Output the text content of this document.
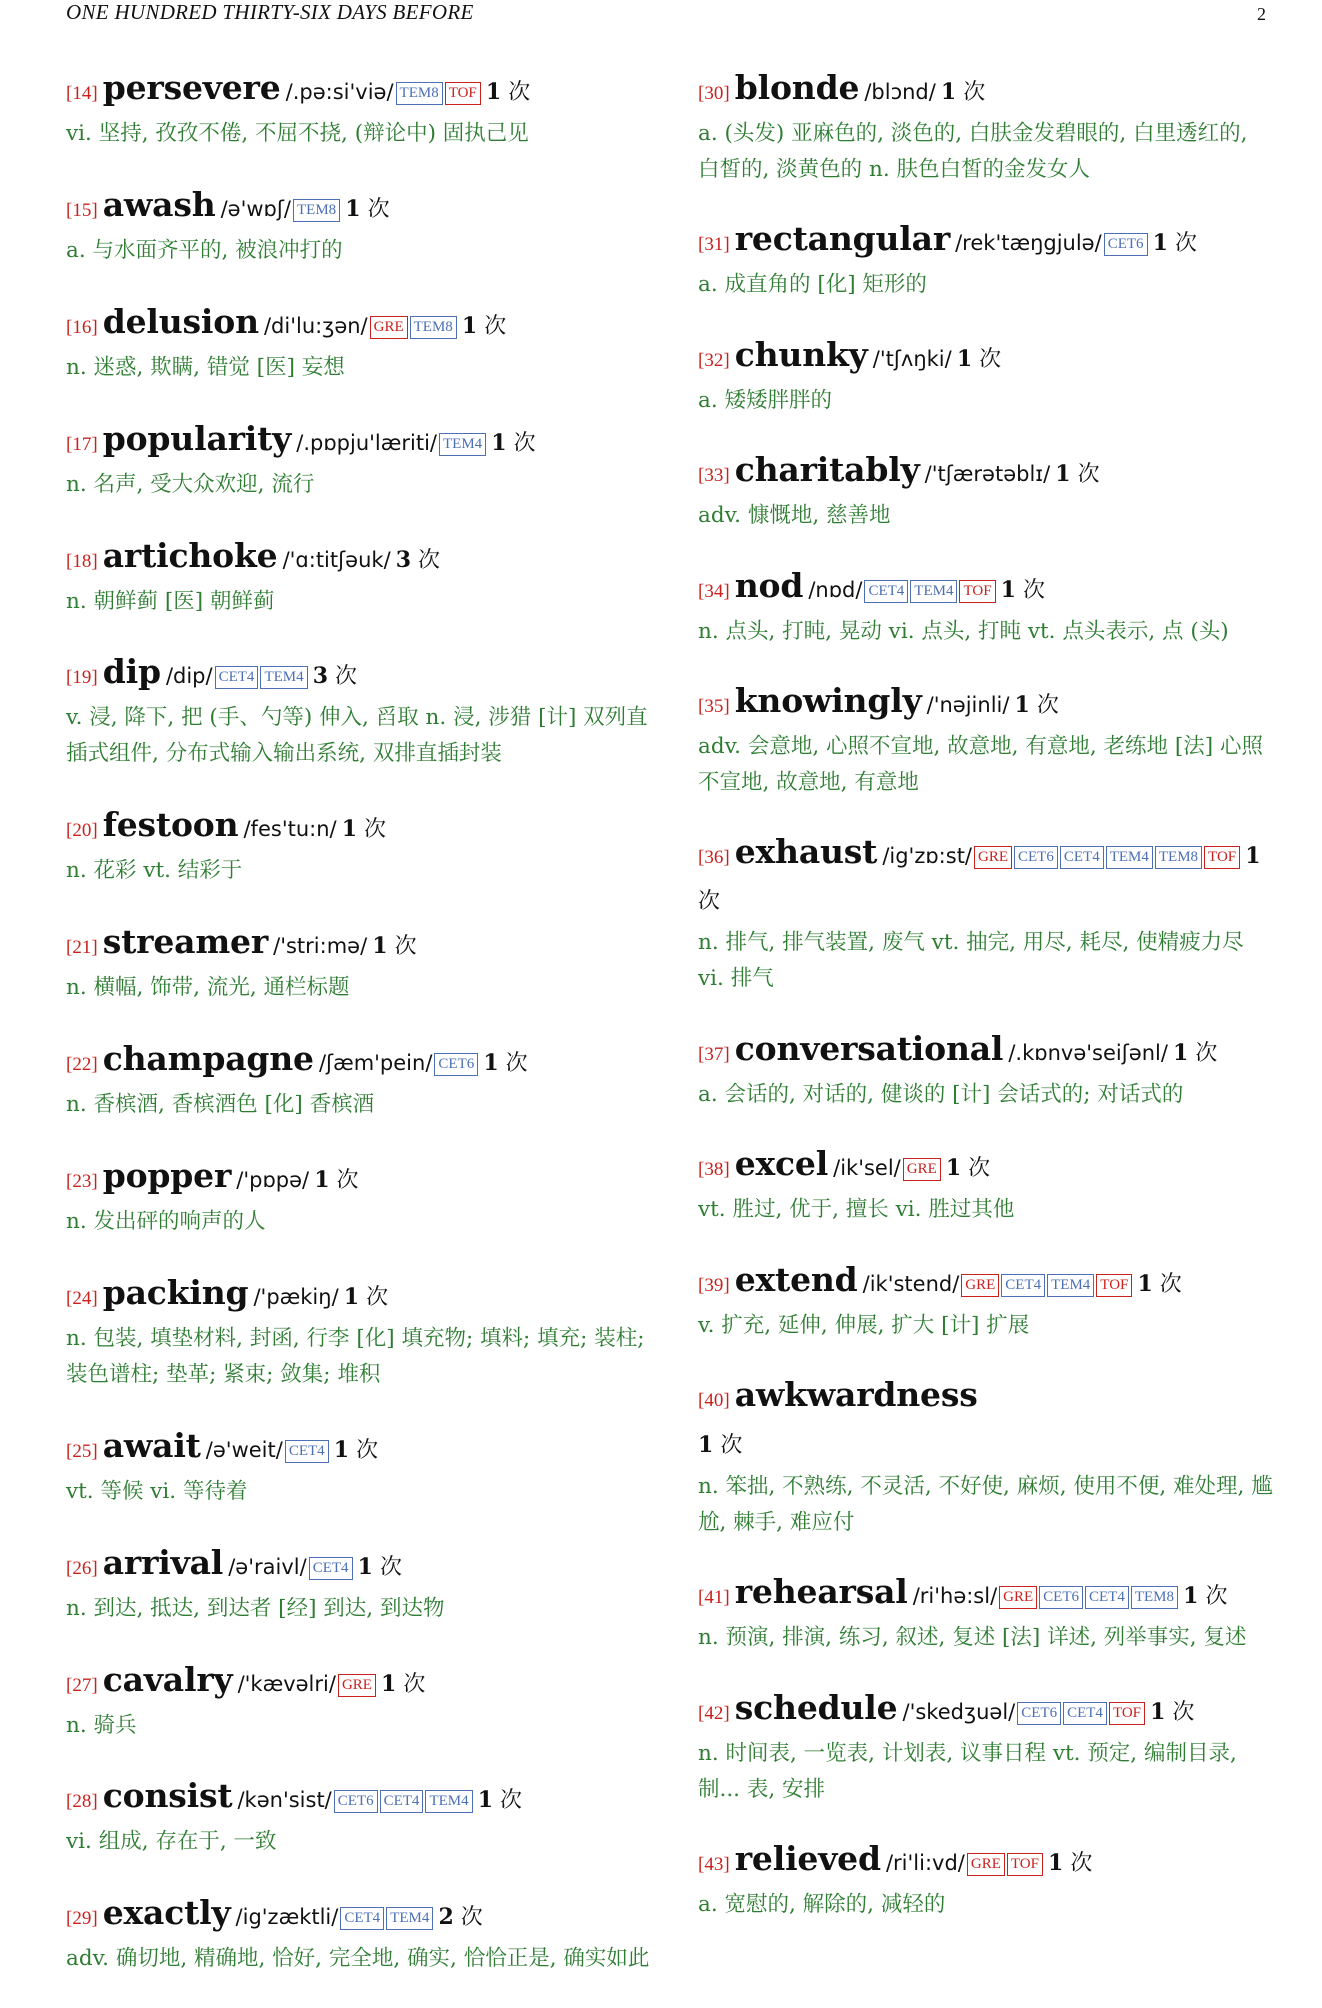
ONE HUNDRED THIRTY-SIX DAYS BEFORE	2
[14] persevere /.pə:si'viə/ TEM8 TOF 1 次
vi. 坚持, 孜孜不倦, 不屈不挠, (辩论中) 固执己见
[15] awash /ə'wɒʃ/ TEM8 1 次
a. 与水面齐平的, 被浪冲打的
[16] delusion /di'lu:ʒən/ GRE TEM8 1 次
n. 迷惑, 欺瞒, 错觉 [医] 妄想
[17] popularity /.pɒpju'læriti/ TEM4 1 次
n. 名声, 受大众欢迎, 流行
[18] artichoke /'ɑ:titʃəuk/ 3 次
n. 朝鲜蓟 [医] 朝鲜蓟
[19] dip /dip/ CET4 TEM4 3 次
v. 浸, 降下, 把 (手、勺等) 伸入, 舀取 n. 浸, 涉猎 [计] 双列直插式组件, 分布式输入输出系统, 双排直插封装
[20] festoon /fes'tu:n/ 1 次
n. 花彩 vt. 结彩于
[21] streamer /'stri:mə/ 1 次
n. 横幅, 饰带, 流光, 通栏标题
[22] champagne /ʃæm'pein/ CET6 1 次
n. 香槟酒, 香槟酒色 [化] 香槟酒
[23] popper /'pɒpə/ 1 次
n. 发出砰的响声的人
[24] packing /'pækiŋ/ 1 次
n. 包装, 填垫材料, 封函, 行李 [化] 填充物; 填料; 填充; 装柱; 装色谱柱; 垫革; 紧束; 敛集; 堆积
[25] await /ə'weit/ CET4 1 次
vt. 等候 vi. 等待着
[26] arrival /ə'raivl/ CET4 1 次
n. 到达, 抵达, 到达者 [经] 到达, 到达物
[27] cavalry /'kævəlri/ GRE 1 次
n. 骑兵
[28] consist /kən'sist/ CET6 CET4 TEM4 1 次
vi. 组成, 存在于, 一致
[29] exactly /ig'zæktli/ CET4 TEM4 2 次
adv. 确切地, 精确地, 恰好, 完全地, 确实, 恰恰正是, 确实如此
[30] blonde /blɔnd/ 1 次
a. (头发) 亚麻色的, 淡色的, 白肤金发碧眼的, 白里透红的, 白皙的, 淡黄色的 n. 肤色白皙的金发女人
[31] rectangular /rek'tæŋgjulə/ CET6 1 次
a. 成直角的 [化] 矩形的
[32] chunky /'tʃʌŋki/ 1 次
a. 矮矮胖胖的
[33] charitably /'tʃærətəblɪ/ 1 次
adv. 慷慨地, 慈善地
[34] nod /nɒd/ CET4 TEM4 TOF 1 次
n. 点头, 打盹, 晃动 vi. 点头, 打盹 vt. 点头表示, 点 (头)
[35] knowingly /'nəjinli/ 1 次
adv. 会意地, 心照不宣地, 故意地, 有意地, 老练地 [法] 心照不宣地, 故意地, 有意地
[36] exhaust /ig'zɒ:st/ GRE CET6 CET4 TEM4 TEM8 TOF 1 次
n. 排气, 排气装置, 废气 vt. 抽完, 用尽, 耗尽, 使精疲力尽 vi. 排气
[37] conversational /.kɒnvə'seiʃənl/ 1 次
a. 会话的, 对话的, 健谈的 [计] 会话式的; 对话式的
[38] excel /ik'sel/ GRE 1 次
vt. 胜过, 优于, 擅长 vi. 胜过其他
[39] extend /ik'stend/ GRE CET4 TEM4 TOF 1 次
v. 扩充, 延伸, 伸展, 扩大 [计] 扩展
[40] awkwardness
1 次
n. 笨拙, 不熟练, 不灵活, 不好使, 麻烦, 使用不便, 难处理, 尴尬, 棘手, 难应付
[41] rehearsal /ri'hə:sl/ GRE CET6 CET4 TEM8 1 次
n. 预演, 排演, 练习, 叙述, 复述 [法] 详述, 列举事实, 复述
[42] schedule /'skedʒuəl/ CET6 CET4 TOF 1 次
n. 时间表, 一览表, 计划表, 议事日程 vt. 预定, 编制目录, 制... 表, 安排
[43] relieved /ri'li:vd/ GRE TOF 1 次
a. 宽慰的, 解除的, 减轻的
